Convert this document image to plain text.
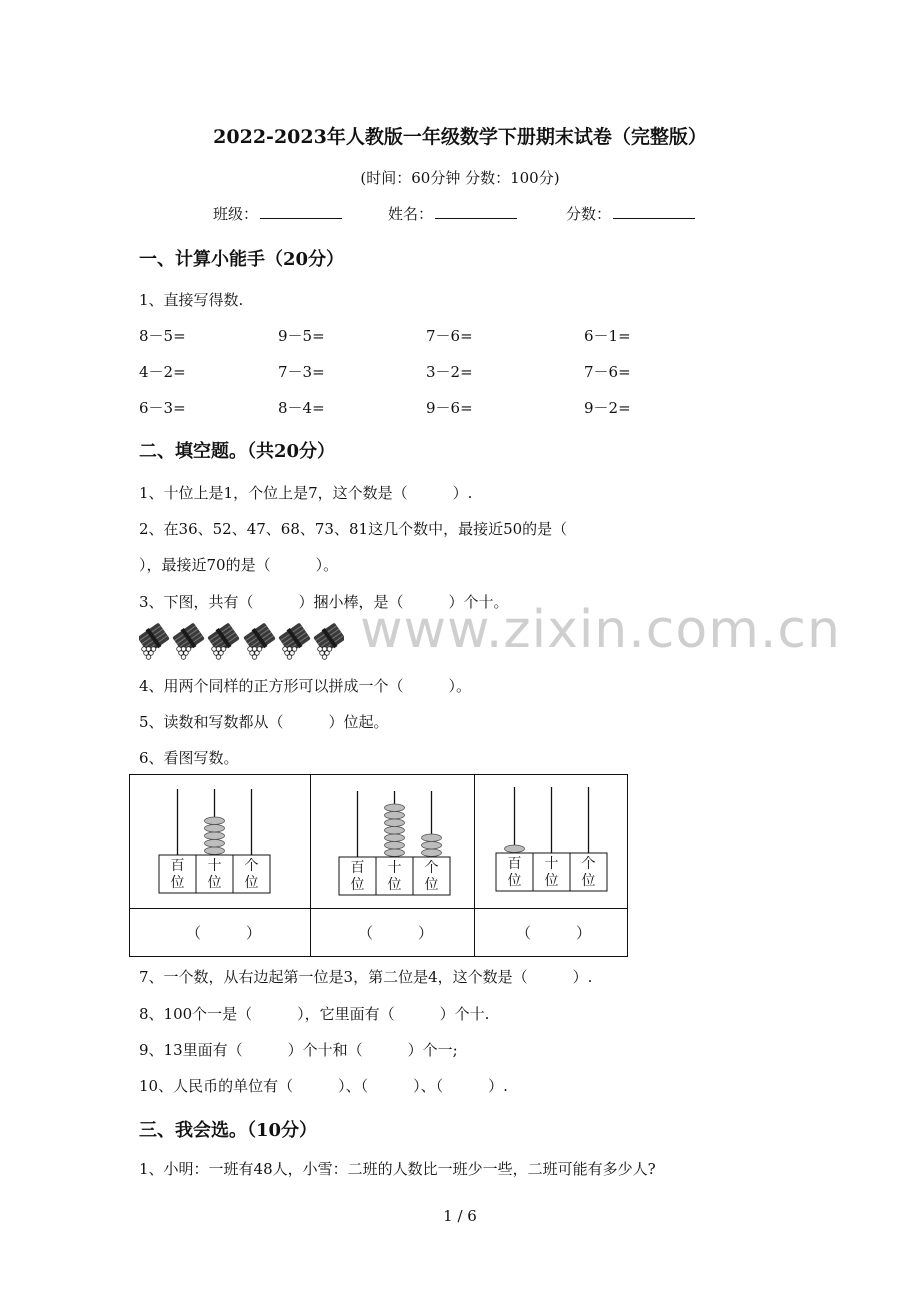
2022-2023年人教版一年级数学下册期末试卷（完整版）
(时间：60分钟 分数：100分)
班级：	姓名：	分数：
www.zixin.com.cn
一、计算小能手（20分）
1、直接写得数.
8－5=	9－5=	7－6=	6－1=
4－2=	7－3=	3－2=	7－6=
6－3=	8－4=	9－6=	9－2=
二、填空题。（共20分）
1、十位上是1，个位上是7，这个数是（　　　）.
2、在36、52、47、68、73、81这几个数中，最接近50的是（
），最接近70的是（　　　）。
3、下图，共有（　　　）捆小棒，是（　　　）个十。
4、用两个同样的正方形可以拼成一个（　　　）。
5、读数和写数都从（　　　）位起。
6、看图写数。
百
位
十
位
个
位
百
位
十
位
个
位
百
位
十
位
个
位
（　　　）	（　　　）	（　　　）
7、一个数，从右边起第一位是3，第二位是4，这个数是（　　　）.
8、100个一是（　　　），它里面有（　　　）个十.
9、13里面有（　　　）个十和（　　　）个一;
10、人民币的单位有（　　　）、（　　　）、（　　　）.
三、我会选。（10分）
1、小明：一班有48人，小雪：二班的人数比一班少一些，二班可能有多少人?
1 / 6
